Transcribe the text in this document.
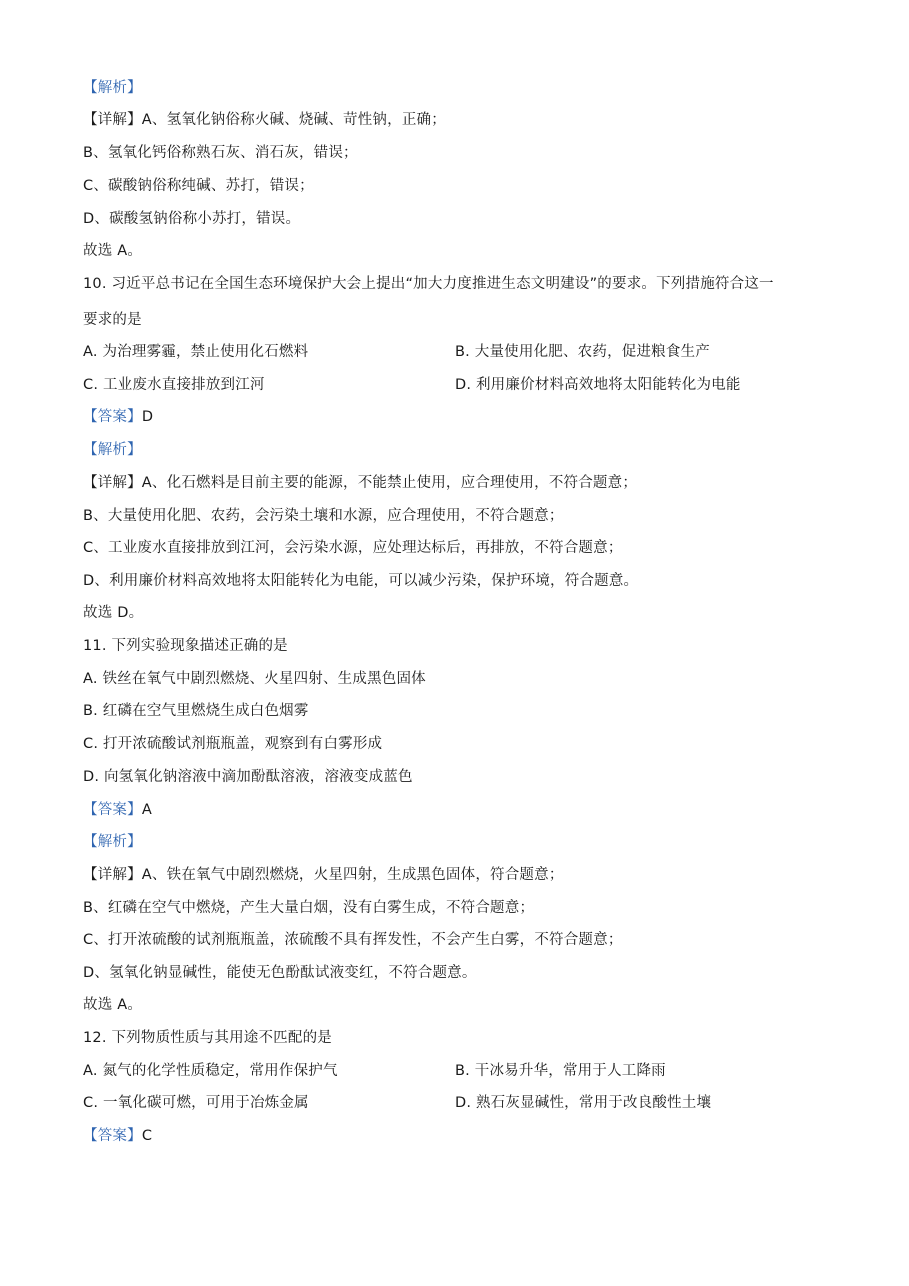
【解析】
【详解】A、氢氧化钠俗称火碱、烧碱、苛性钠，正确；
B、氢氧化钙俗称熟石灰、消石灰，错误；
C、碳酸钠俗称纯碱、苏打，错误；
D、碳酸氢钠俗称小苏打，错误。
故选 A。
10. 习近平总书记在全国生态环境保护大会上提出“加大力度推进生态文明建设”的要求。下列措施符合这一
要求的是
A. 为治理雾霾，禁止使用化石燃料	B. 大量使用化肥、农药，促进粮食生产
C. 工业废水直接排放到江河	D. 利用廉价材料高效地将太阳能转化为电能
【答案】D
【解析】
【详解】A、化石燃料是目前主要的能源，不能禁止使用，应合理使用，不符合题意；
B、大量使用化肥、农药，会污染土壤和水源，应合理使用，不符合题意；
C、工业废水直接排放到江河，会污染水源，应处理达标后，再排放，不符合题意；
D、利用廉价材料高效地将太阳能转化为电能，可以减少污染，保护环境，符合题意。
故选 D。
11. 下列实验现象描述正确的是
A. 铁丝在氧气中剧烈燃烧、火星四射、生成黑色固体
B. 红磷在空气里燃烧生成白色烟雾
C. 打开浓硫酸试剂瓶瓶盖，观察到有白雾形成
D. 向氢氧化钠溶液中滴加酚酞溶液，溶液变成蓝色
【答案】A
【解析】
【详解】A、铁在氧气中剧烈燃烧，火星四射，生成黑色固体，符合题意；
B、红磷在空气中燃烧，产生大量白烟，没有白雾生成，不符合题意；
C、打开浓硫酸的试剂瓶瓶盖，浓硫酸不具有挥发性，不会产生白雾，不符合题意；
D、氢氧化钠显碱性，能使无色酚酞试液变红，不符合题意。
故选 A。
12. 下列物质性质与其用途不匹配的是
A. 氮气的化学性质稳定，常用作保护气	B. 干冰易升华，常用于人工降雨
C. 一氧化碳可燃，可用于冶炼金属	D. 熟石灰显碱性，常用于改良酸性土壤
【答案】C
